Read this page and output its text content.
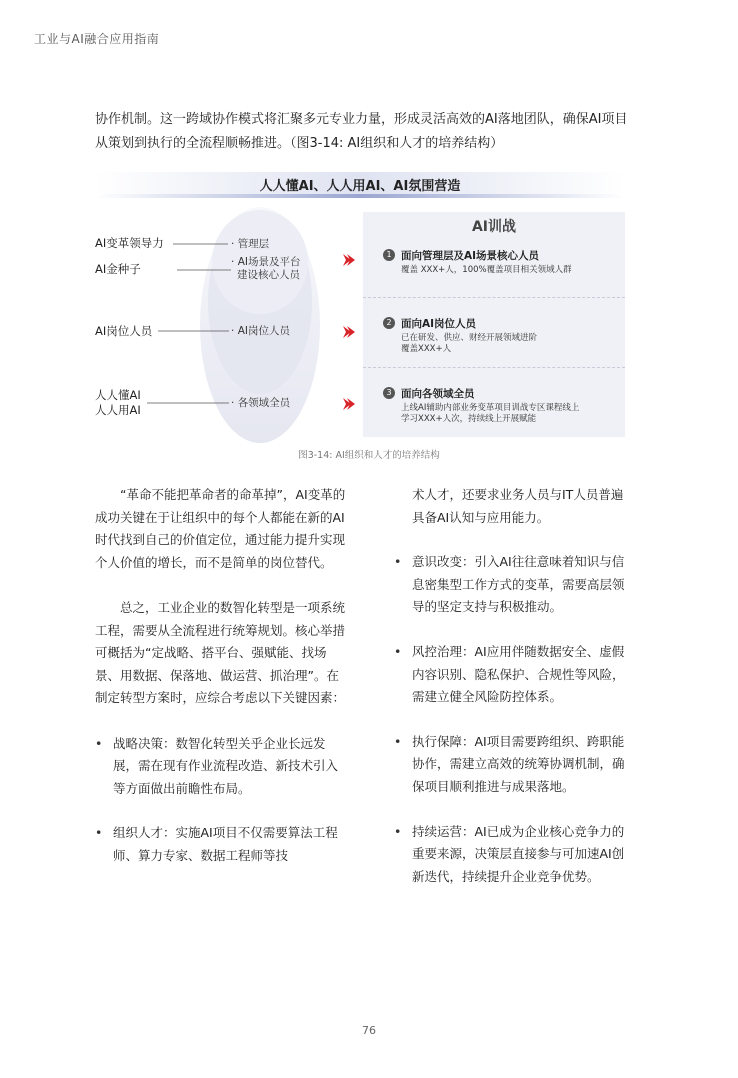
工业与AI融合应用指南

协作机制。这一跨域协作模式将汇聚多元专业力量，形成灵活高效的AI落地团队，确保AI项目

从策划到执行的全流程顺畅推进。（图3-14: AI组织和人才的培养结构）

人人懂AI、人人用AI、AI氛围营造
AI变革领导力
AI金种子
AI岗位人员
人人懂AI
人人用AI
· 管理层
· AI场景及平台
建设核心人员
· AI岗位人员
· 各领域全员
AI训战
1 面向管理层及AI场景核心人员
覆盖 XXX+人，100%覆盖项目相关领域人群
2 面向AI岗位人员
已在研发、供应、财经开展领域进阶
覆盖XXX+人
3 面向各领域全员
上线AI辅助内部业务变革项目训战专区课程线上
学习XXX+人次，持续线上开展赋能
图3-14: AI组织和人才的培养结构

“革命不能把革命者的命革掉”，AI变革的成功关键在于让组织中的每个人都能在新的AI时代找到自己的价值定位，通过能力提升实现个人价值的增长，而不是简单的岗位替代。

总之，工业企业的数智化转型是一项系统工程，需要从全流程进行统筹规划。核心举措可概括为“定战略、搭平台、强赋能、找场景、用数据、保落地、做运营、抓治理”。在制定转型方案时，应综合考虑以下关键因素：

• 战略决策：数智化转型关乎企业长远发展，需在现有作业流程改造、新技术引入等方面做出前瞻性布局。
• 组织人才：实施AI项目不仅需要算法工程师、算力专家、数据工程师等技
术人才，还要求业务人员与IT人员普遍具备AI认知与应用能力。
• 意识改变：引入AI往往意味着知识与信息密集型工作方式的变革，需要高层领导的坚定支持与积极推动。
• 风控治理：AI应用伴随数据安全、虚假内容识别、隐私保护、合规性等风险，需建立健全风险防控体系。
• 执行保障：AI项目需要跨组织、跨职能协作，需建立高效的统筹协调机制，确保项目顺利推进与成果落地。
• 持续运营：AI已成为企业核心竞争力的重要来源，决策层直接参与可加速AI创新迭代，持续提升企业竞争优势。
76
